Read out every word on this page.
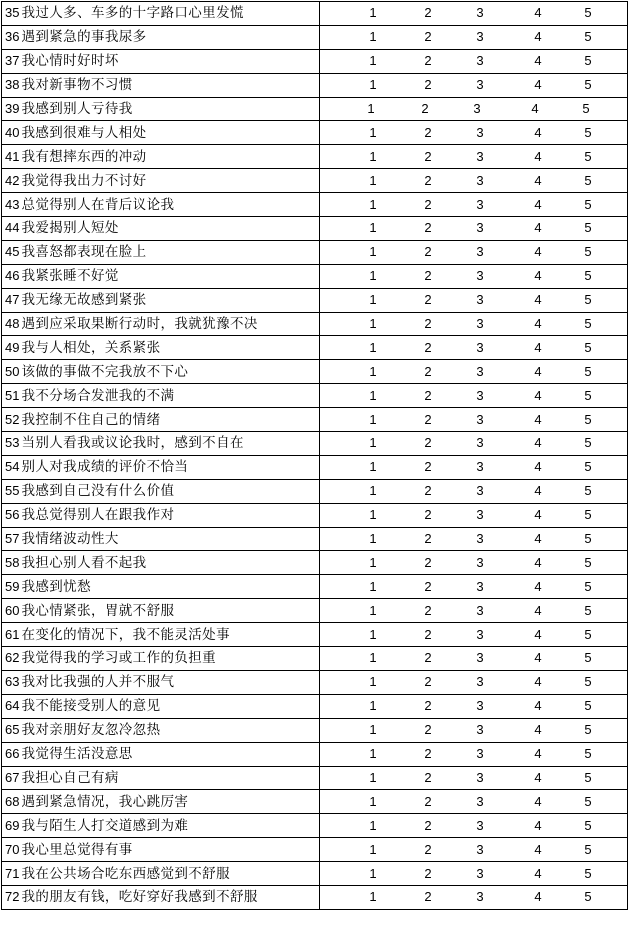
35 我过人多、车多的十字路口心里发慌	1 2 3 4 5

36 遇到紧急的事我尿多	1 2 3 4 5

37 我心情时好时坏	1 2 3 4 5

38 我对新事物不习惯	1 2 3 4 5

39 我感到别人亏待我	1 2 3 4 5

40 我感到很难与人相处	1 2 3 4 5

41 我有想摔东西的冲动	1 2 3 4 5

42 我觉得我出力不讨好	1 2 3 4 5

43 总觉得别人在背后议论我	1 2 3 4 5

44 我爱揭别人短处	1 2 3 4 5

45 我喜怒都表现在脸上	1 2 3 4 5

46 我紧张睡不好觉	1 2 3 4 5

47 我无缘无故感到紧张	1 2 3 4 5

48 遇到应采取果断行动时，我就犹豫不决	1 2 3 4 5

49 我与人相处，关系紧张	1 2 3 4 5

50 该做的事做不完我放不下心	1 2 3 4 5

51 我不分场合发泄我的不满	1 2 3 4 5

52 我控制不住自己的情绪	1 2 3 4 5

53 当别人看我或议论我时，感到不自在	1 2 3 4 5

54 别人对我成绩的评价不恰当	1 2 3 4 5

55 我感到自己没有什么价值	1 2 3 4 5

56 我总觉得别人在跟我作对	1 2 3 4 5

57 我情绪波动性大	1 2 3 4 5

58 我担心别人看不起我	1 2 3 4 5

59 我感到忧愁	1 2 3 4 5

60 我心情紧张，胃就不舒服	1 2 3 4 5

61 在变化的情况下，我不能灵活处事	1 2 3 4 5

62 我觉得我的学习或工作的负担重	1 2 3 4 5

63 我对比我强的人并不服气	1 2 3 4 5

64 我不能接受别人的意见	1 2 3 4 5

65 我对亲朋好友忽冷忽热	1 2 3 4 5

66 我觉得生活没意思	1 2 3 4 5

67 我担心自己有病	1 2 3 4 5

68 遇到紧急情况，我心跳厉害	1 2 3 4 5

69 我与陌生人打交道感到为难	1 2 3 4 5

70 我心里总觉得有事	1 2 3 4 5

71 我在公共场合吃东西感觉到不舒服	1 2 3 4 5

72 我的朋友有钱，吃好穿好我感到不舒服	1 2 3 4 5
